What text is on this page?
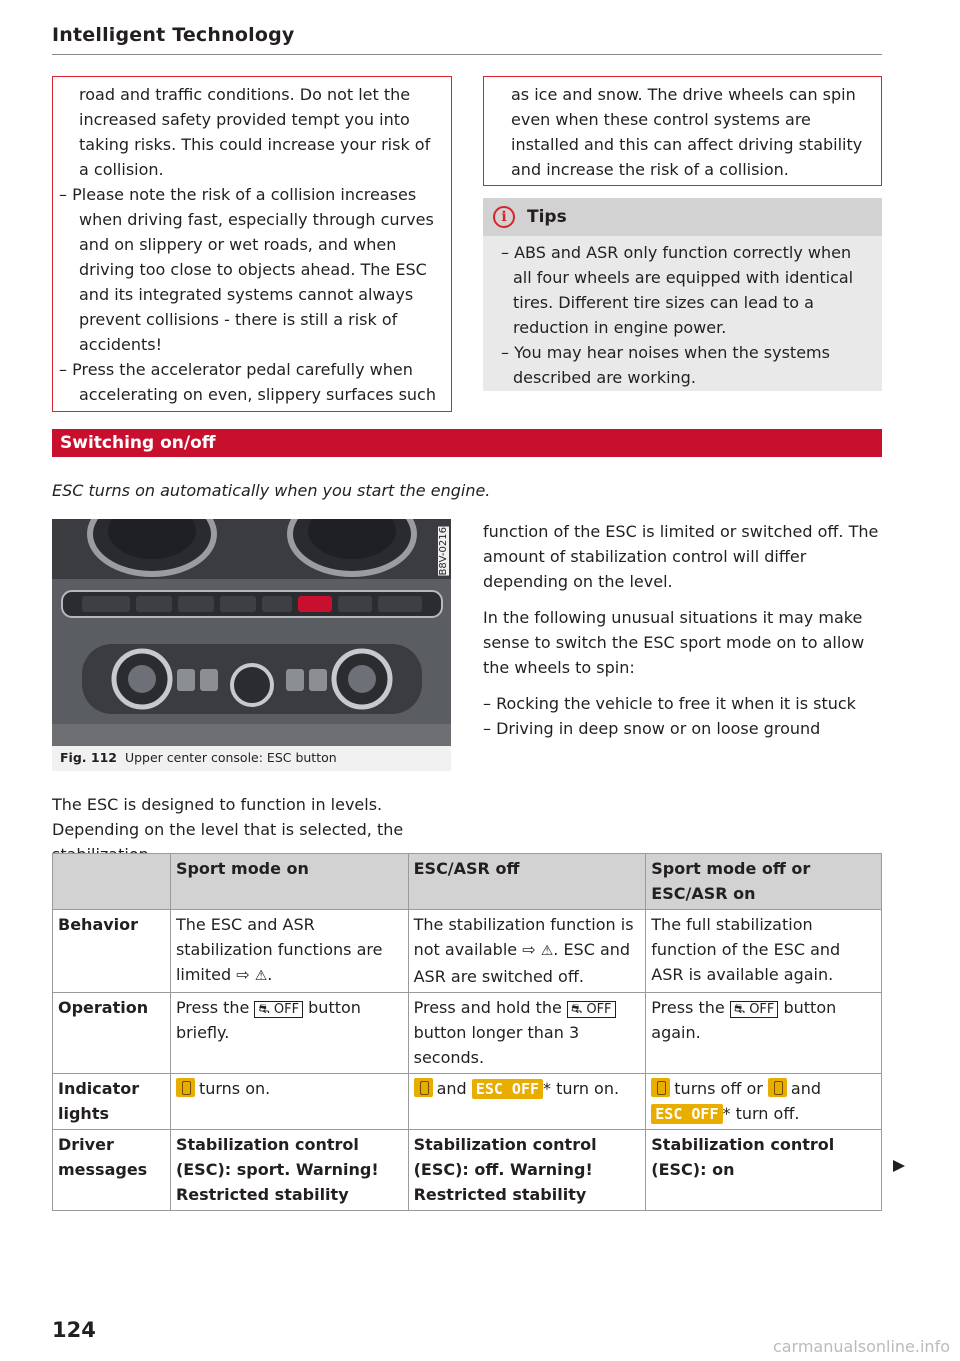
Intelligent Technology

road and traffic conditions. Do not let the increased safety provided tempt you into taking risks. This could increase your risk of a collision.

– Please note the risk of a collision increases when driving fast, especially through curves and on slippery or wet roads, and when driving too close to objects ahead. The ESC and its integrated systems cannot always prevent collisions - there is still a risk of accidents!
– Press the accelerator pedal carefully when accelerating on even, slippery surfaces such

as ice and snow. The drive wheels can spin even when these control systems are installed and this can affect driving stability and increase the risk of a collision.

i	Tips
– ABS and ASR only function correctly when all four wheels are equipped with identical tires. Different tire sizes can lead to a reduction in engine power.
– You may hear noises when the systems described are working.
Switching on/off
ESC turns on automatically when you start the engine.
B8V-0216
Fig. 112 Upper center console: ESC button

The ESC is designed to function in levels. Depending on the level that is selected, the

function of the ESC is limited or switched off. The amount of stabilization control will differ depending on the level.

In the following unusual situations it may make sense to switch the ESC sport mode on to allow the wheels to spin:

– Rocking the vehicle to free it when it is stuck

– Driving in deep snow or on loose ground

	Sport mode on	ESC/ASR off	Sport mode off or ESC/ASR on
Behavior	The ESC and ASR stabilization functions are limited ⇨ ⚠.	The stabilization function is not available ⇨ ⚠. ESC and ASR are switched off.	The full stabilization function of the ESC and ASR is available again.
Operation	Press the ⛐ OFF button briefly.	Press and hold the ⛐ OFF button longer than 3 seconds.	Press the ⛐ OFF button again.
Indicator lights	turns on.	and ESC OFF * turn on.	turns off or and
ESC OFF * turn off.
Driver messages	Stabilization control (ESC): sport. Warning! Restricted stability	Stabilization control (ESC): off. Warning! Restricted stability	Stabilization control (ESC): on
124
carmanualsonline.info
